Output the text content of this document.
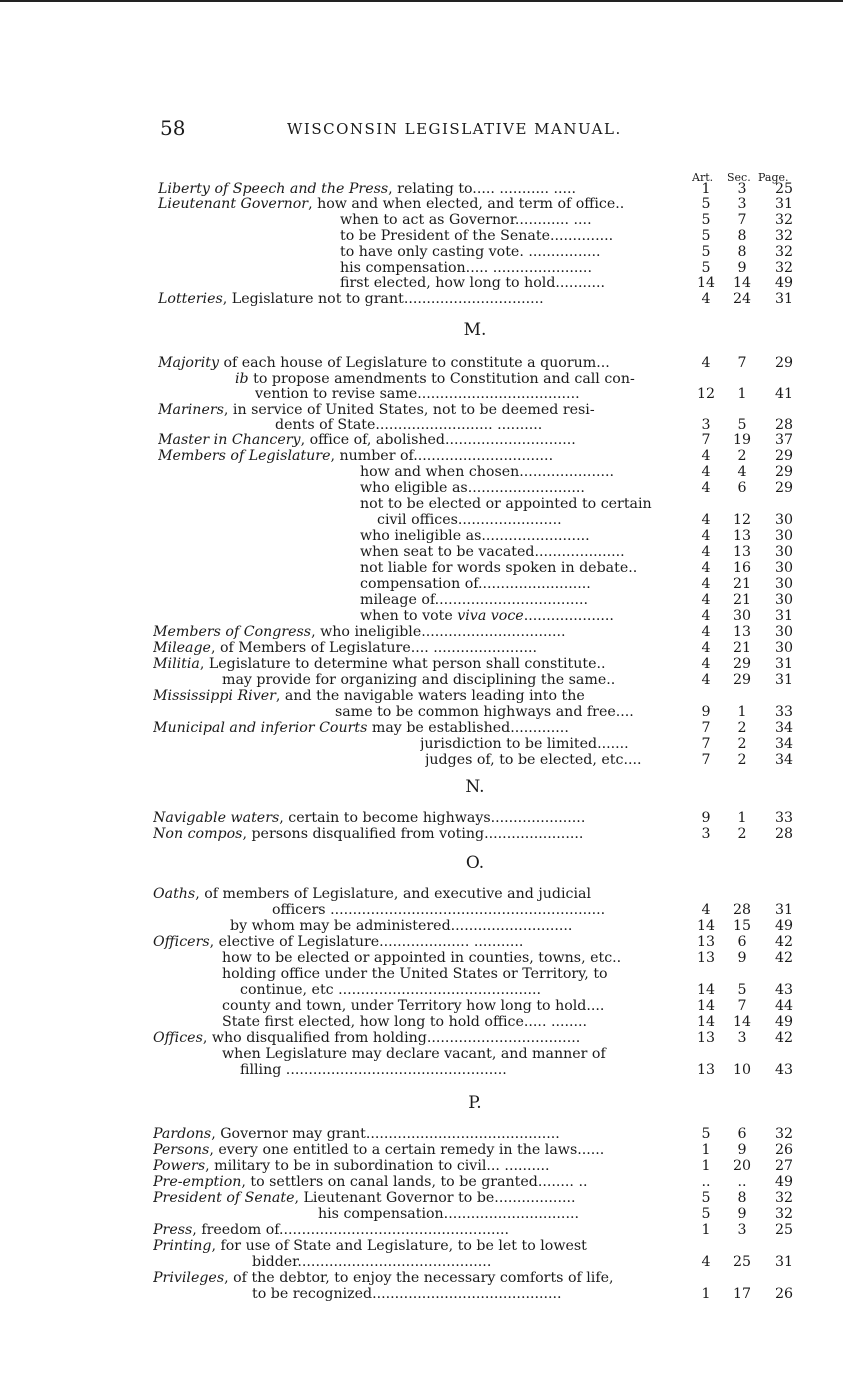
58	WISCONSIN LEGISLATIVE MANUAL.
Art. Sec. Page.
M.
N.
O.
P.
Liberty of Speech and the Press, relating to..... ........... .....	1	3	25
Lieutenant Governor, how and when elected, and term of office..	5	3	31
when to act as Governor............ ....	5	7	32
to be President of the Senate..............	5	8	32
to have only casting vote. ................	5	8	32
his compensation..... ......................	5	9	32
first elected, how long to hold...........	14 14 49
Lotteries, Legislature not to grant...............................	4	24 31
Majority of each house of Legislature to constitute a quorum...	4	7	29
ib to propose amendments to Constitution and call con-
vention to revise same....................................	12	1	41
Mariners, in service of United States, not to be deemed resi-
dents of State.......................... ..........	3	5	28
Master in Chancery, office of, abolished.............................	7	19 37
Members of Legislature, number of...............................	4	2	29
how and when chosen.....................	4	4	29
who eligible as..........................	4	6	29
not to be elected or appointed to certain
civil offices.......................	4	12 30
who ineligible as........................	4	13 30
when seat to be vacated....................	4	13 30
not liable for words spoken in debate..	4	16 30
compensation of.........................	4	21 30
mileage of..................................	4	21 30
when to vote viva voce....................	4	30 31
Members of Congress, who ineligible................................	4	13 30
Mileage, of Members of Legislature.... .......................	4	21 30
Militia, Legislature to determine what person shall constitute..	4	29 31
may provide for organizing and disciplining the same..	4	29 31
Mississippi River, and the navigable waters leading into the
same to be common highways and free....	9	1	33
Municipal and inferior Courts may be established.............	7	2	34
jurisdiction to be limited.......	7	2	34
judges of, to be elected, etc....	7	2	34
Navigable waters, certain to become highways.....................	9	1	33
Non compos, persons disqualified from voting......................	3	2	28
Oaths, of members of Legislature, and executive and judicial
officers .............................................................	4	28 31
by whom may be administered...........................	14 15 49
Officers, elective of Legislature.................... ...........	13	6	42
how to be elected or appointed in counties, towns, etc..	13	9	42
holding office under the United States or Territory, to
continue, etc .............................................	14	5	43
county and town, under Territory how long to hold....	14	7	44
State first elected, how long to hold office..... ........	14 14 49
Offices, who disqualified from holding..................................	13	3	42
when Legislature may declare vacant, and manner of
filling .................................................	13 10 43
Pardons, Governor may grant...........................................	5	6	32
Persons, every one entitled to a certain remedy in the laws......	1	9	26
Powers, military to be in subordination to civil... ..........	1	20 27
Pre-emption, to settlers on canal lands, to be granted........ ..	..	..	49
President of Senate, Lieutenant Governor to be..................	5	8	32
his compensation..............................	5	9	32
Press, freedom of...................................................	1	3	25
Printing, for use of State and Legislature, to be let to lowest
bidder...........................................	4	25 31
Privileges, of the debtor, to enjoy the necessary comforts of life,
to be recognized..........................................	1	17 26
